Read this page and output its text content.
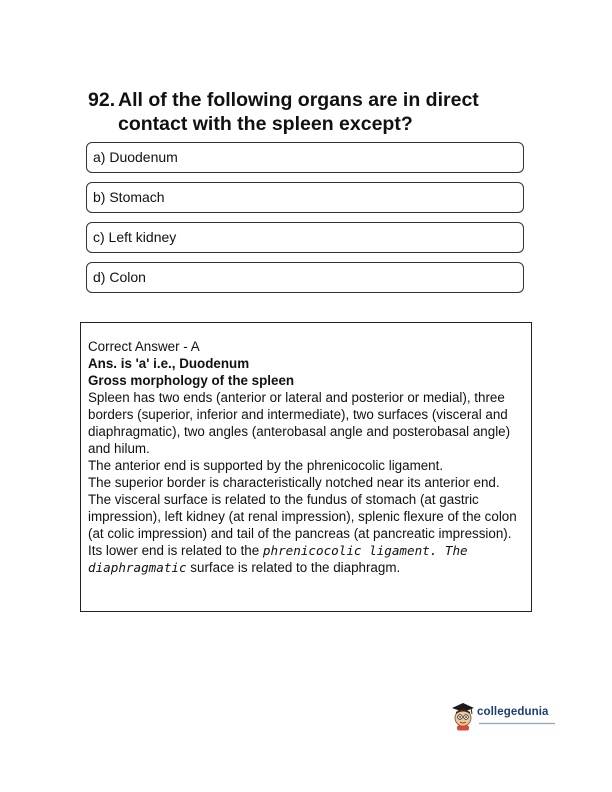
92. All of the following organs are in direct contact with the spleen except?
a) Duodenum
b) Stomach
c) Left kidney
d) Colon

Correct Answer - A

Ans. is 'a' i.e., Duodenum

Gross morphology of the spleen

Spleen has two ends (anterior or lateral and posterior or medial), three borders (superior, inferior and intermediate), two surfaces (visceral and diaphragmatic), two angles (anterobasal angle and posterobasal angle) and hilum.

The anterior end is supported by the phrenicocolic ligament.

The superior border is characteristically notched near its anterior end.

The visceral surface is related to the fundus of stomach (at gastric impression), left kidney (at renal impression), splenic flexure of the colon (at colic impression) and tail of the pancreas (at pancreatic impression). Its lower end is related to the phrenicocolic ligament. The diaphragmatic surface is related to the diaphragm.

collegedunia
